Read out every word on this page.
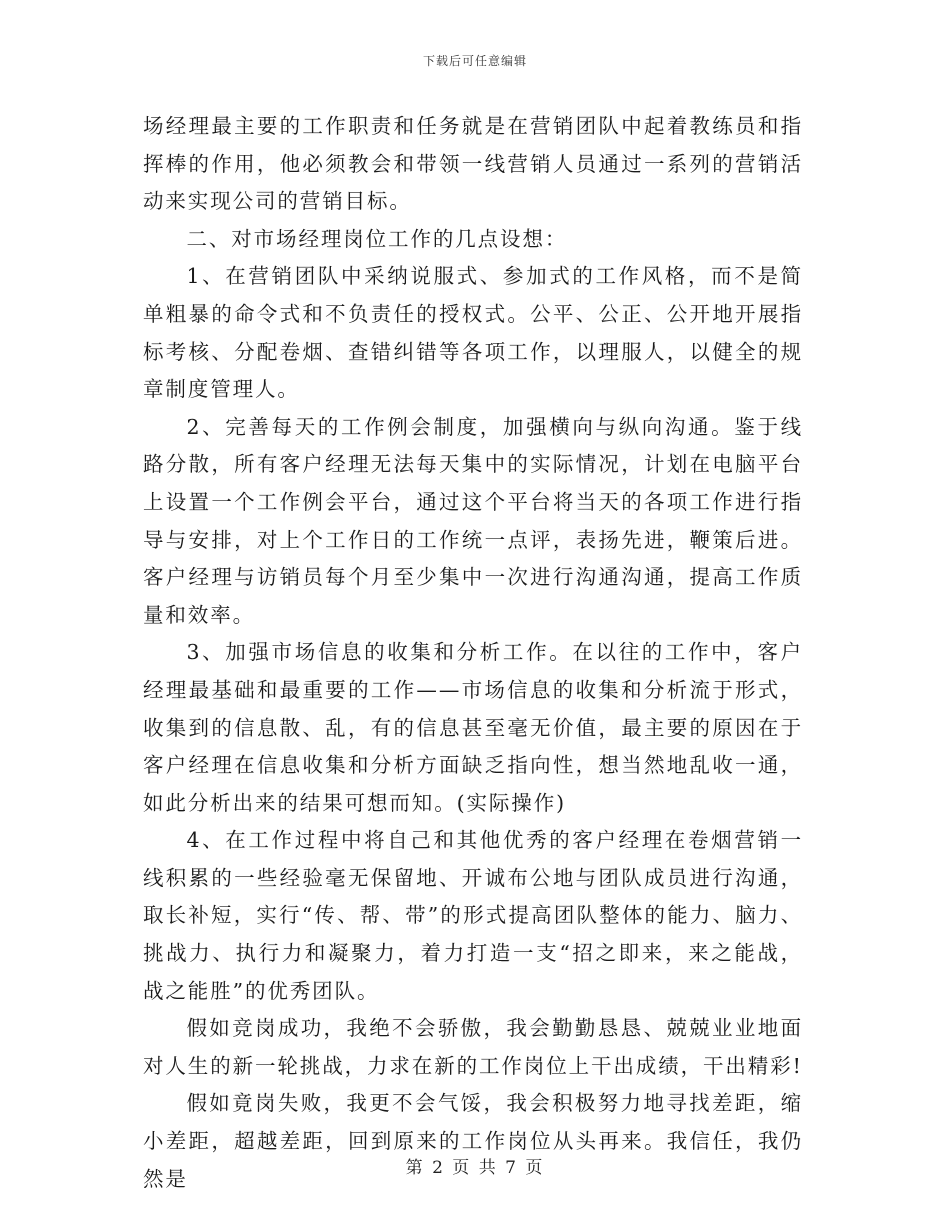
下载后可任意编辑

场经理最主要的工作职责和任务就是在营销团队中起着教练员和指挥棒的作用，他必须教会和带领一线营销人员通过一系列的营销活动来实现公司的营销目标。

二、对市场经理岗位工作的几点设想：

1、在营销团队中采纳说服式、参加式的工作风格，而不是简单粗暴的命令式和不负责任的授权式。公平、公正、公开地开展指标考核、分配卷烟、查错纠错等各项工作，以理服人，以健全的规章制度管理人。

2、完善每天的工作例会制度，加强横向与纵向沟通。鉴于线路分散，所有客户经理无法每天集中的实际情况，计划在电脑平台上设置一个工作例会平台，通过这个平台将当天的各项工作进行指导与安排，对上个工作日的工作统一点评，表扬先进，鞭策后进。客户经理与访销员每个月至少集中一次进行沟通沟通，提高工作质量和效率。

3、加强市场信息的收集和分析工作。在以往的工作中，客户经理最基础和最重要的工作——市场信息的收集和分析流于形式，收集到的信息散、乱，有的信息甚至毫无价值，最主要的原因在于客户经理在信息收集和分析方面缺乏指向性，想当然地乱收一通，如此分析出来的结果可想而知。(实际操作)

4、在工作过程中将自己和其他优秀的客户经理在卷烟营销一线积累的一些经验毫无保留地、开诚布公地与团队成员进行沟通，取长补短，实行“传、帮、带”的形式提高团队整体的能力、脑力、挑战力、执行力和凝聚力，着力打造一支“招之即来，来之能战，战之能胜”的优秀团队。

假如竞岗成功，我绝不会骄傲，我会勤勤恳恳、兢兢业业地面对人生的新一轮挑战，力求在新的工作岗位上干出成绩，干出精彩!

假如竟岗失败，我更不会气馁，我会积极努力地寻找差距，缩小差距，超越差距，回到原来的工作岗位从头再来。我信任，我仍然是	第 2 页 共 7 页
